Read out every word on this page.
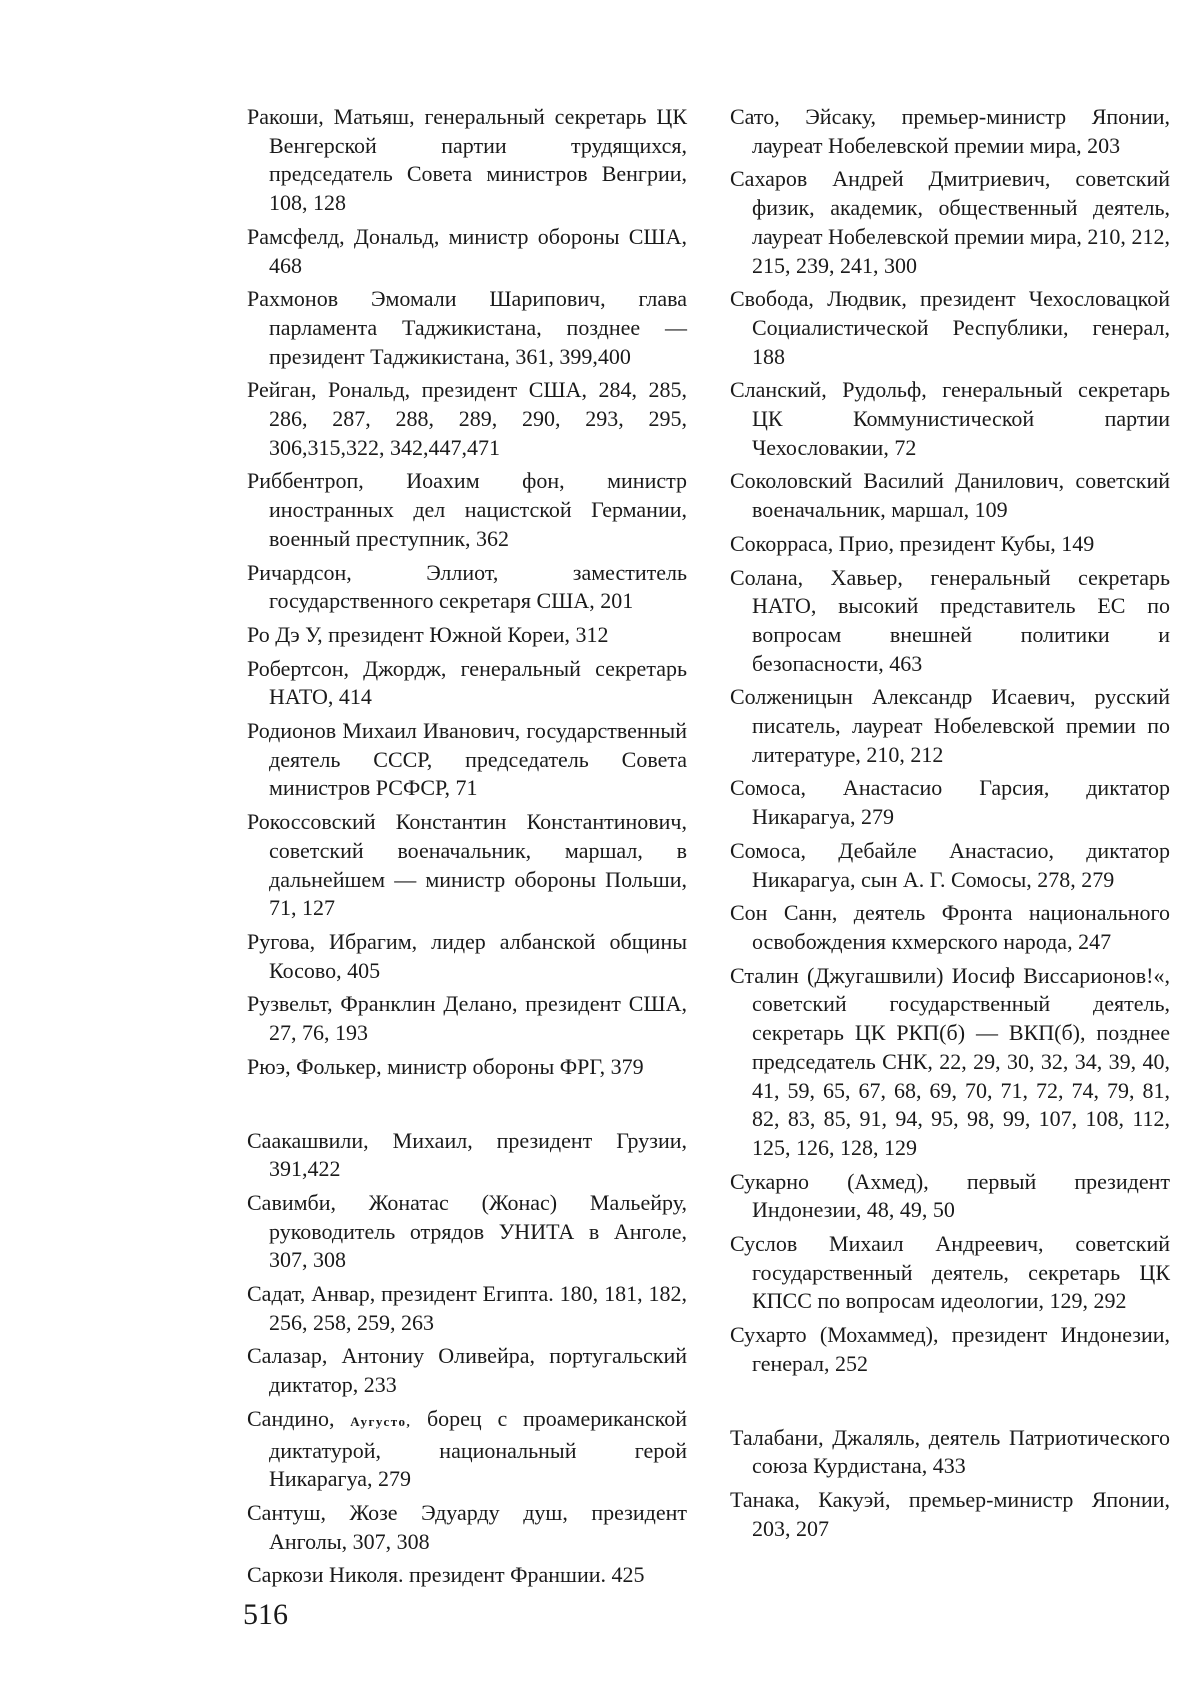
Ракоши, Матьяш, генеральный секретарь ЦК Венгерской партии трудящихся, председатель Совета министров Венгрии, 108, 128

Рамсфелд, Дональд, министр обороны США, 468

Рахмонов Эмомали Шарипович, глава парламента Таджикистана, позднее — президент Таджикистана, 361, 399,400

Рейган, Рональд, президент США, 284, 285, 286, 287, 288, 289, 290, 293, 295, 306,315,322, 342,447,471

Риббентроп, Иоахим фон, министр иностранных дел нацистской Германии, военный преступник, 362

Ричардсон, Эллиот, заместитель государственного секретаря США, 201

Ро Дэ У, президент Южной Кореи, 312

Робертсон, Джордж, генеральный секретарь НАТО, 414

Родионов Михаил Иванович, государственный деятель СССР, председатель Совета министров РСФСР, 71

Рокоссовский Константин Константинович, советский военачальник, маршал, в дальнейшем — министр обороны Польши, 71, 127

Ругова, Ибрагим, лидер албанской общины Косово, 405

Рузвельт, Франклин Делано, президент США, 27, 76, 193

Рюэ, Фолькер, министр обороны ФРГ, 379

Саакашвили, Михаил, президент Грузии, 391,422

Савимби, Жонатас (Жонас) Мальейру, руководитель отрядов УНИТА в Анголе, 307, 308

Садат, Анвар, президент Египта. 180, 181, 182, 256, 258, 259, 263

Салазар, Антониу Оливейра, португальский диктатор, 233

Сандино, Аугусто, борец с проамериканской диктатурой, национальный герой Никарагуа, 279

Сантуш, Жозе Эдуарду душ, президент Анголы, 307, 308

Саркози Николя. президент Франшии. 425

Сато, Эйсаку, премьер-министр Японии, лауреат Нобелевской премии мира, 203

Сахаров Андрей Дмитриевич, советский физик, академик, общественный деятель, лауреат Нобелевской премии мира, 210, 212, 215, 239, 241, 300

Свобода, Людвик, президент Чехословацкой Социалистической Республики, генерал, 188

Сланский, Рудольф, генеральный секретарь ЦК Коммунистической партии Чехословакии, 72

Соколовский Василий Данилович, советский военачальник, маршал, 109

Сокорраса, Прио, президент Кубы, 149

Солана, Хавьер, генеральный секретарь НАТО, высокий представитель ЕС по вопросам внешней политики и безопасности, 463

Солженицын Александр Исаевич, русский писатель, лауреат Нобелевской премии по литературе, 210, 212

Сомоса, Анастасио Гарсия, диктатор Никарагуа, 279

Сомоса, Дебайле Анастасио, диктатор Никарагуа, сын А. Г. Сомосы, 278, 279

Сон Санн, деятель Фронта национального освобождения кхмерского народа, 247

Сталин (Джугашвили) Иосиф Виссарионов!«, советский государственный деятель, секретарь ЦК РКП(б) — ВКП(б), позднее председатель СНК, 22, 29, 30, 32, 34, 39, 40, 41, 59, 65, 67, 68, 69, 70, 71, 72, 74, 79, 81, 82, 83, 85, 91, 94, 95, 98, 99, 107, 108, 112, 125, 126, 128, 129

Сукарно (Ахмед), первый президент Индонезии, 48, 49, 50

Суслов Михаил Андреевич, советский государственный деятель, секретарь ЦК КПСС по вопросам идеологии, 129, 292

Сухарто (Мохаммед), президент Индонезии, генерал, 252

Талабани, Джаляль, деятель Патриотического союза Курдистана, 433

Танака, Какуэй, премьер-министр Японии, 203, 207

516
